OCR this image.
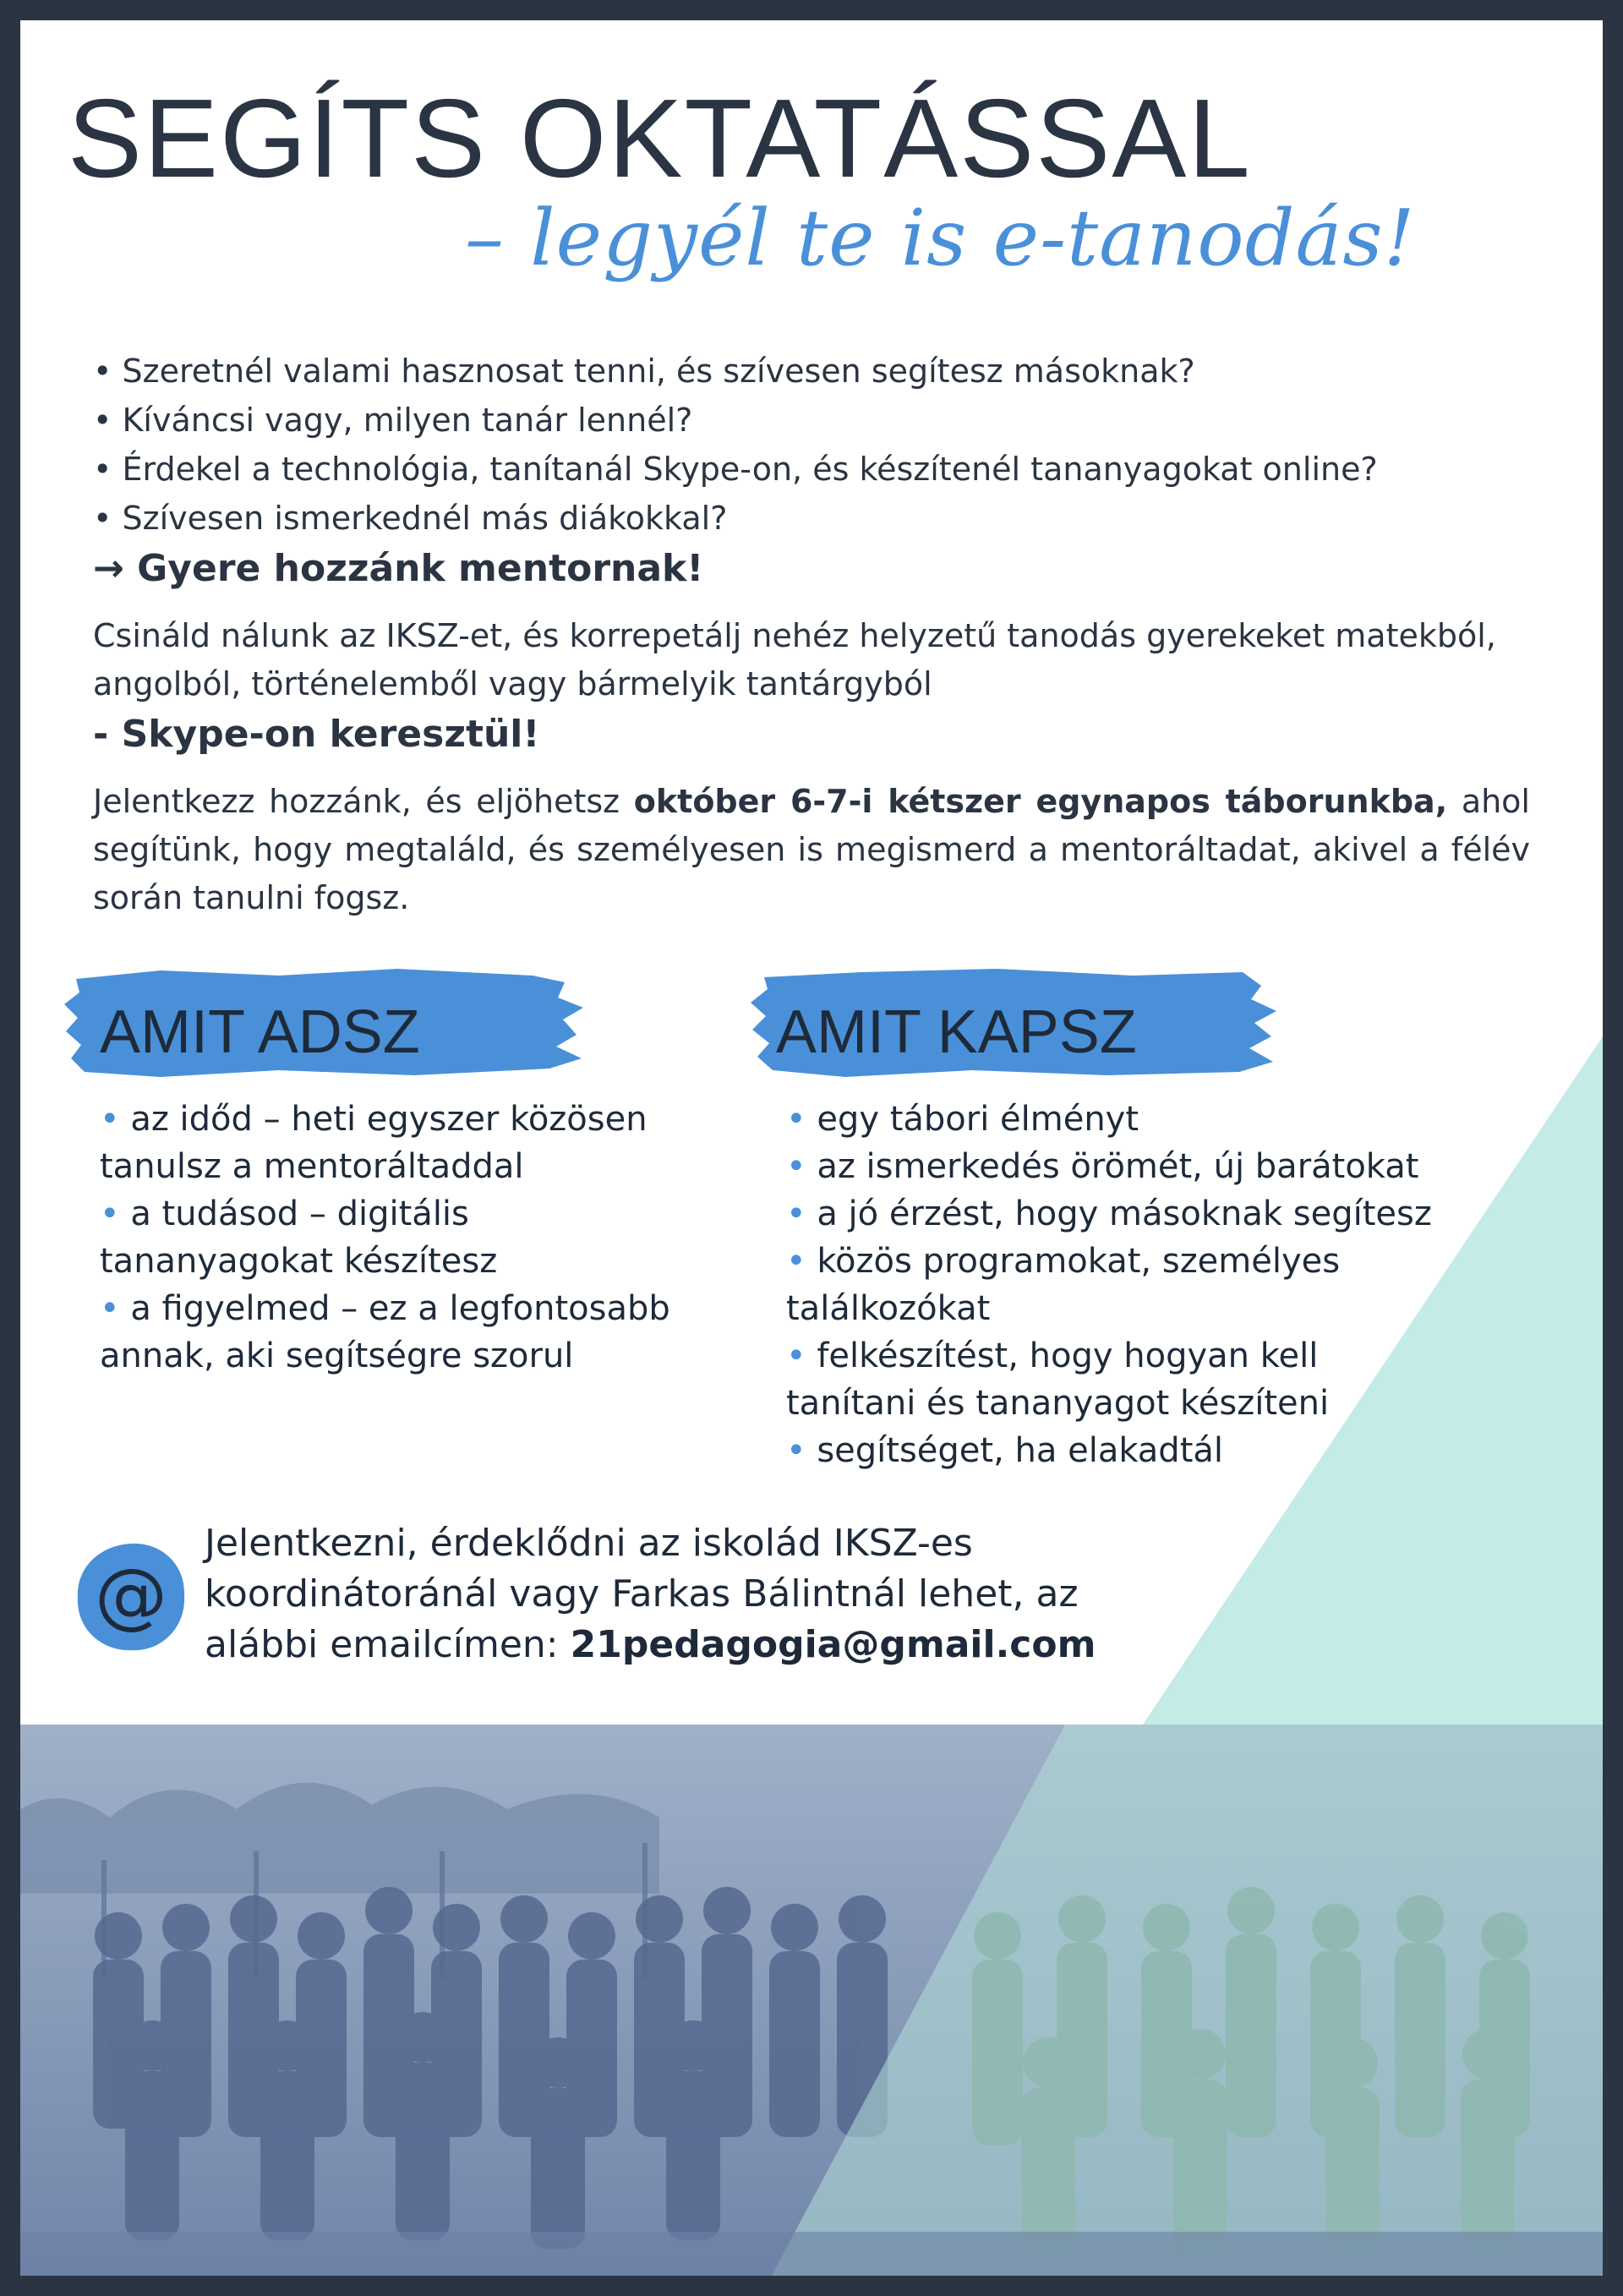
SEGÍTS OKTATÁSSAL
– legyél te is e-tanodás!
• Szeretnél valami hasznosat tenni, és szívesen segítesz másoknak?
• Kíváncsi vagy, milyen tanár lennél?
• Érdekel a technológia, tanítanál Skype-on, és készítenél tananyagokat online?
• Szívesen ismerkednél más diákokkal?
→ Gyere hozzánk mentornak!
Csináld nálunk az IKSZ-et, és korrepetálj nehéz helyzetű tanodás gyerekeket matekból, angolból, történelemből vagy bármelyik tantárgyból
- Skype-on keresztül!
Jelentkezz hozzánk, és eljöhetsz október 6-7-i kétszer egynapos táborunkba, ahol segítünk, hogy megtaláld, és személyesen is megismerd a mentoráltadat, akivel a félév során tanulni fogsz.
AMIT ADSZ	AMIT KAPSZ
• az időd – heti egyszer közösen tanulsz a mentoráltaddal
• a tudásod – digitális tananyagokat készítesz
• a figyelmed – ez a legfontosabb annak, aki segítségre szorul
• egy tábori élményt
• az ismerkedés örömét, új barátokat
• a jó érzést, hogy másoknak segítesz
• közös programokat, személyes találkozókat
• felkészítést, hogy hogyan kell tanítani és tananyagot készíteni
• segítséget, ha elakadtál
@
Jelentkezni, érdeklődni az iskolád IKSZ-es koordinátoránál vagy Farkas Bálintnál lehet, az alábbi emailcímen: 21pedagogia@gmail.com
